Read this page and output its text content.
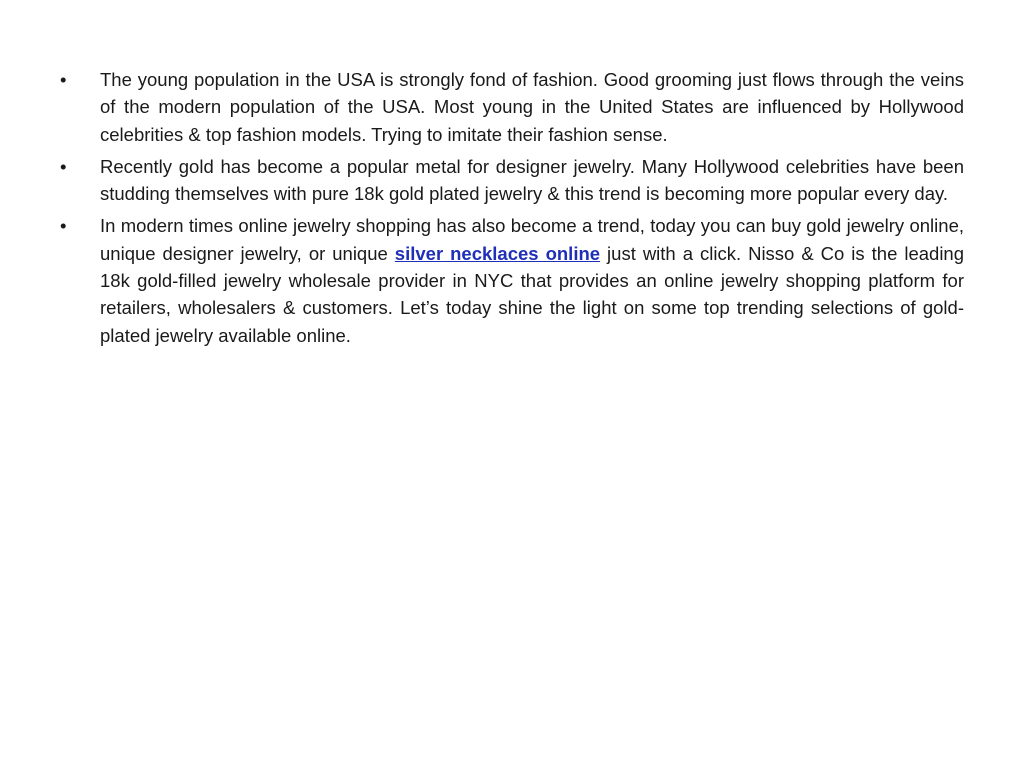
•	The young population in the USA is strongly fond of fashion. Good grooming just flows through the veins of the modern population of the USA. Most young in the United States are influenced by Hollywood celebrities & top fashion models. Trying to imitate their fashion sense.
•	Recently gold has become a popular metal for designer jewelry. Many Hollywood celebrities have been studding themselves with pure 18k gold plated jewelry & this trend is becoming more popular every day.
•	In modern times online jewelry shopping has also become a trend, today you can buy gold jewelry online, unique designer jewelry, or unique silver necklaces online just with a click. Nisso & Co is the leading 18k gold-filled jewelry wholesale provider in NYC that provides an online jewelry shopping platform for retailers, wholesalers & customers. Let’s today shine the light on some top trending selections of gold-plated jewelry available online.
